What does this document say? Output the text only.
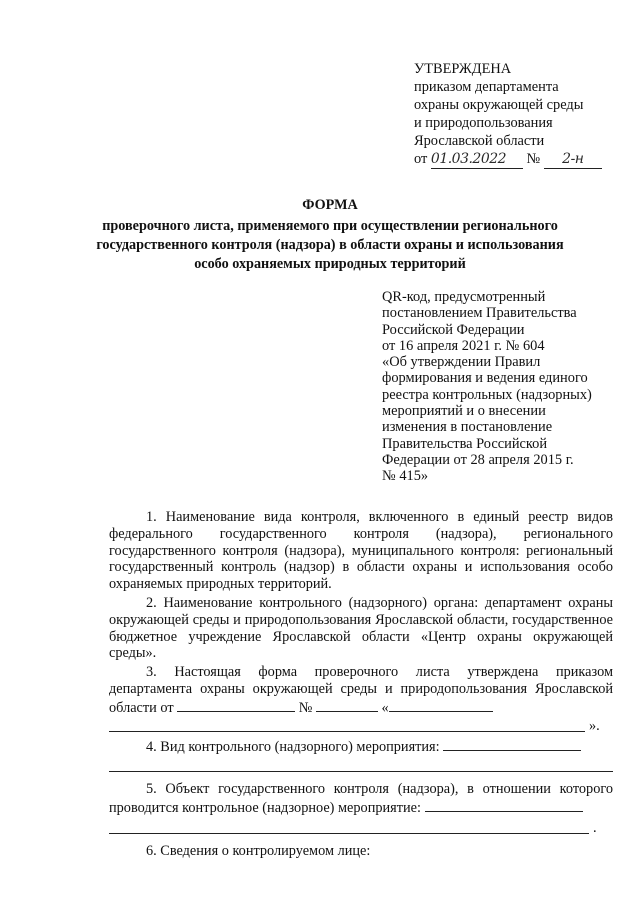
УТВЕРЖДЕНА
приказом департамента
охраны окружающей среды
и природопользования
Ярославской области
от 01.03.2022 № 2-н
ФОРМА
проверочного листа, применяемого при осуществлении регионального
государственного контроля (надзора) в области охраны и использования
особо охраняемых природных территорий
QR-код, предусмотренный
постановлением Правительства
Российской Федерации
от 16 апреля 2021 г. № 604
«Об утверждении Правил
формирования и ведения единого
реестра контрольных (надзорных)
мероприятий и о внесении
изменения в постановление
Правительства Российской
Федерации от 28 апреля 2015 г.
№ 415»

1. Наименование вида контроля, включенного в единый реестр видов федерального государственного контроля (надзора), регионального государственного контроля (надзора), муниципального контроля: региональный государственный контроль (надзор) в области охраны и использования особо охраняемых природных территорий.

2. Наименование контрольного (надзорного) органа: департамент охраны окружающей среды и природопользования Ярославской области, государственное бюджетное учреждение Ярославской области «Центр охраны окружающей среды».

3. Настоящая форма проверочного листа утверждена приказом департамента охраны окружающей среды и природопользования Ярославской области от	№	«

».

4. Вид контрольного (надзорного) мероприятия:

5. Объект государственного контроля (надзора), в отношении которого проводится контрольное (надзорное) мероприятие:

.

6. Сведения о контролируемом лице:
